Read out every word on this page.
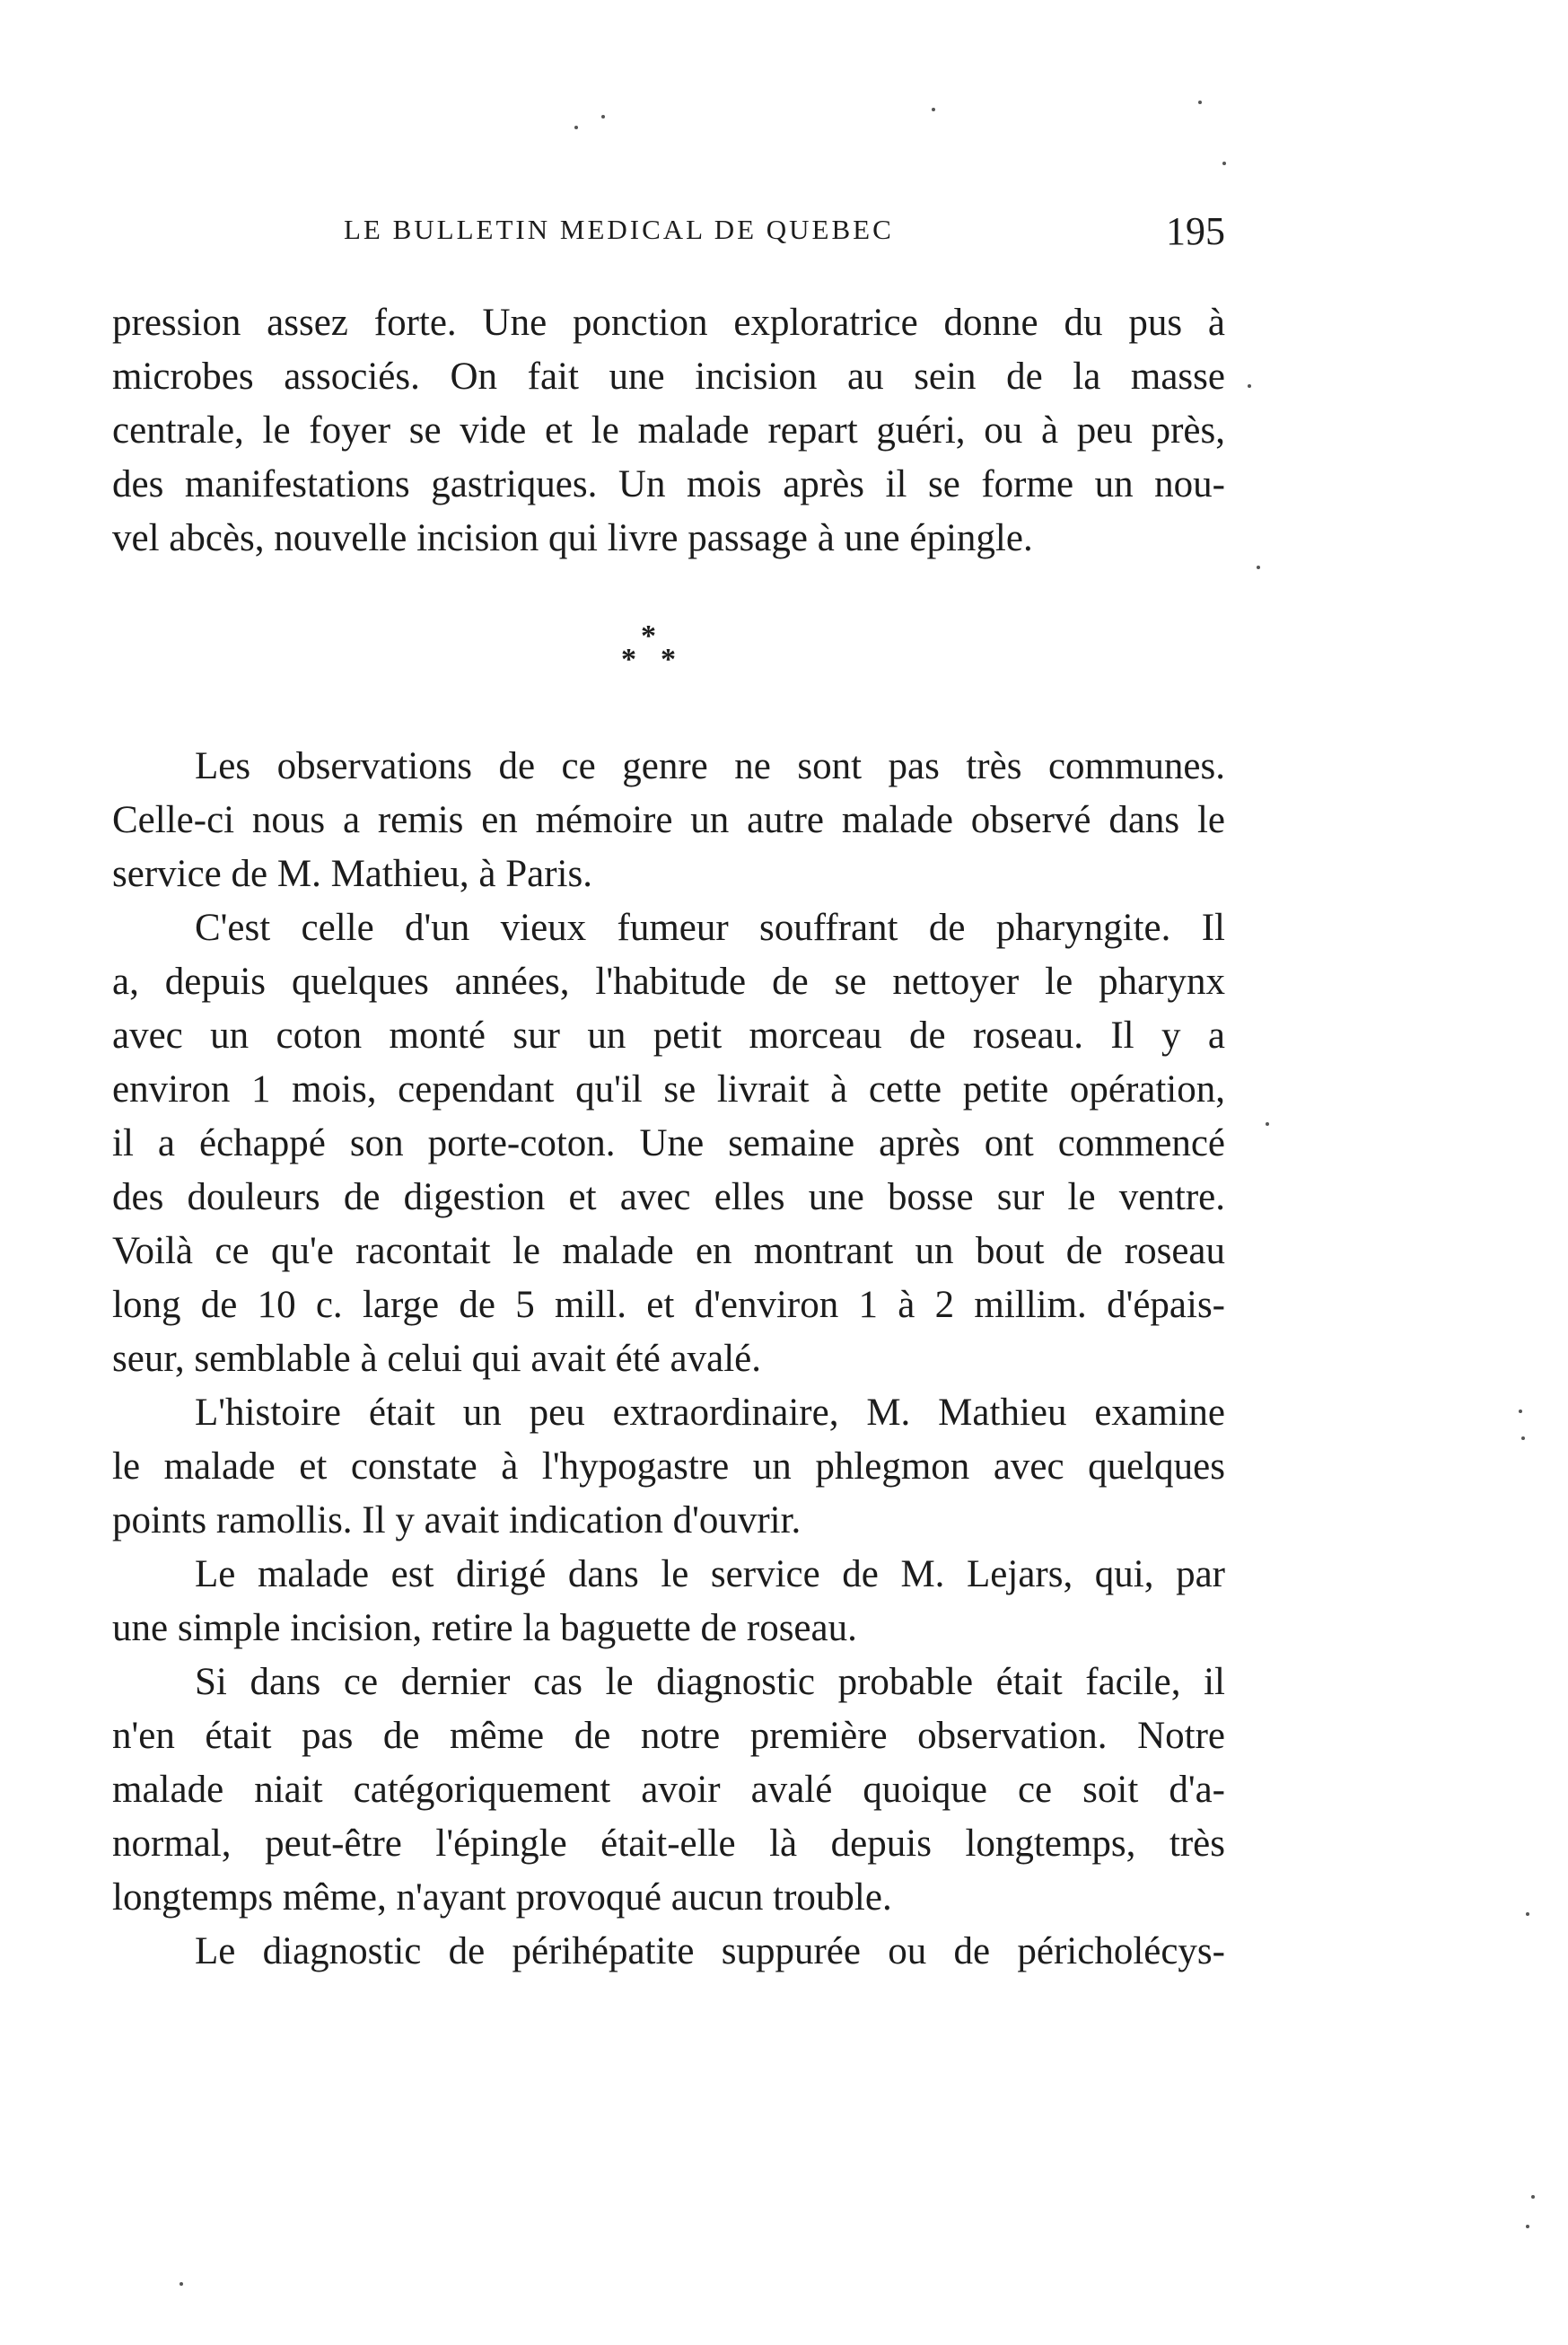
LE BULLETIN MEDICAL DE QUEBEC	195
pression assez forte. Une ponction exploratrice donne du pus à
microbes associés. On fait une incision au sein de la masse
centrale, le foyer se vide et le malade repart guéri, ou à peu près,
des manifestations gastriques. Un mois après il se forme un nou-
vel abcès, nouvelle incision qui livre passage à une épingle.
*
* *
Les observations de ce genre ne sont pas très communes.
Celle-ci nous a remis en mémoire un autre malade observé dans le
service de M. Mathieu, à Paris.
C'est celle d'un vieux fumeur souffrant de pharyngite. Il
a, depuis quelques années, l'habitude de se nettoyer le pharynx
avec un coton monté sur un petit morceau de roseau. Il y a
environ 1 mois, cependant qu'il se livrait à cette petite opération,
il a échappé son porte-coton. Une semaine après ont commencé
des douleurs de digestion et avec elles une bosse sur le ventre.
Voilà ce qu'e racontait le malade en montrant un bout de roseau
long de 10 c. large de 5 mill. et d'environ 1 à 2 millim. d'épais-
seur, semblable à celui qui avait été avalé.
L'histoire était un peu extraordinaire, M. Mathieu examine
le malade et constate à l'hypogastre un phlegmon avec quelques
points ramollis. Il y avait indication d'ouvrir.
Le malade est dirigé dans le service de M. Lejars, qui, par
une simple incision, retire la baguette de roseau.
Si dans ce dernier cas le diagnostic probable était facile, il
n'en était pas de même de notre première observation. Notre
malade niait catégoriquement avoir avalé quoique ce soit d'a-
normal, peut-être l'épingle était-elle là depuis longtemps, très
longtemps même, n'ayant provoqué aucun trouble.
Le diagnostic de périhépatite suppurée ou de péricholécys-
